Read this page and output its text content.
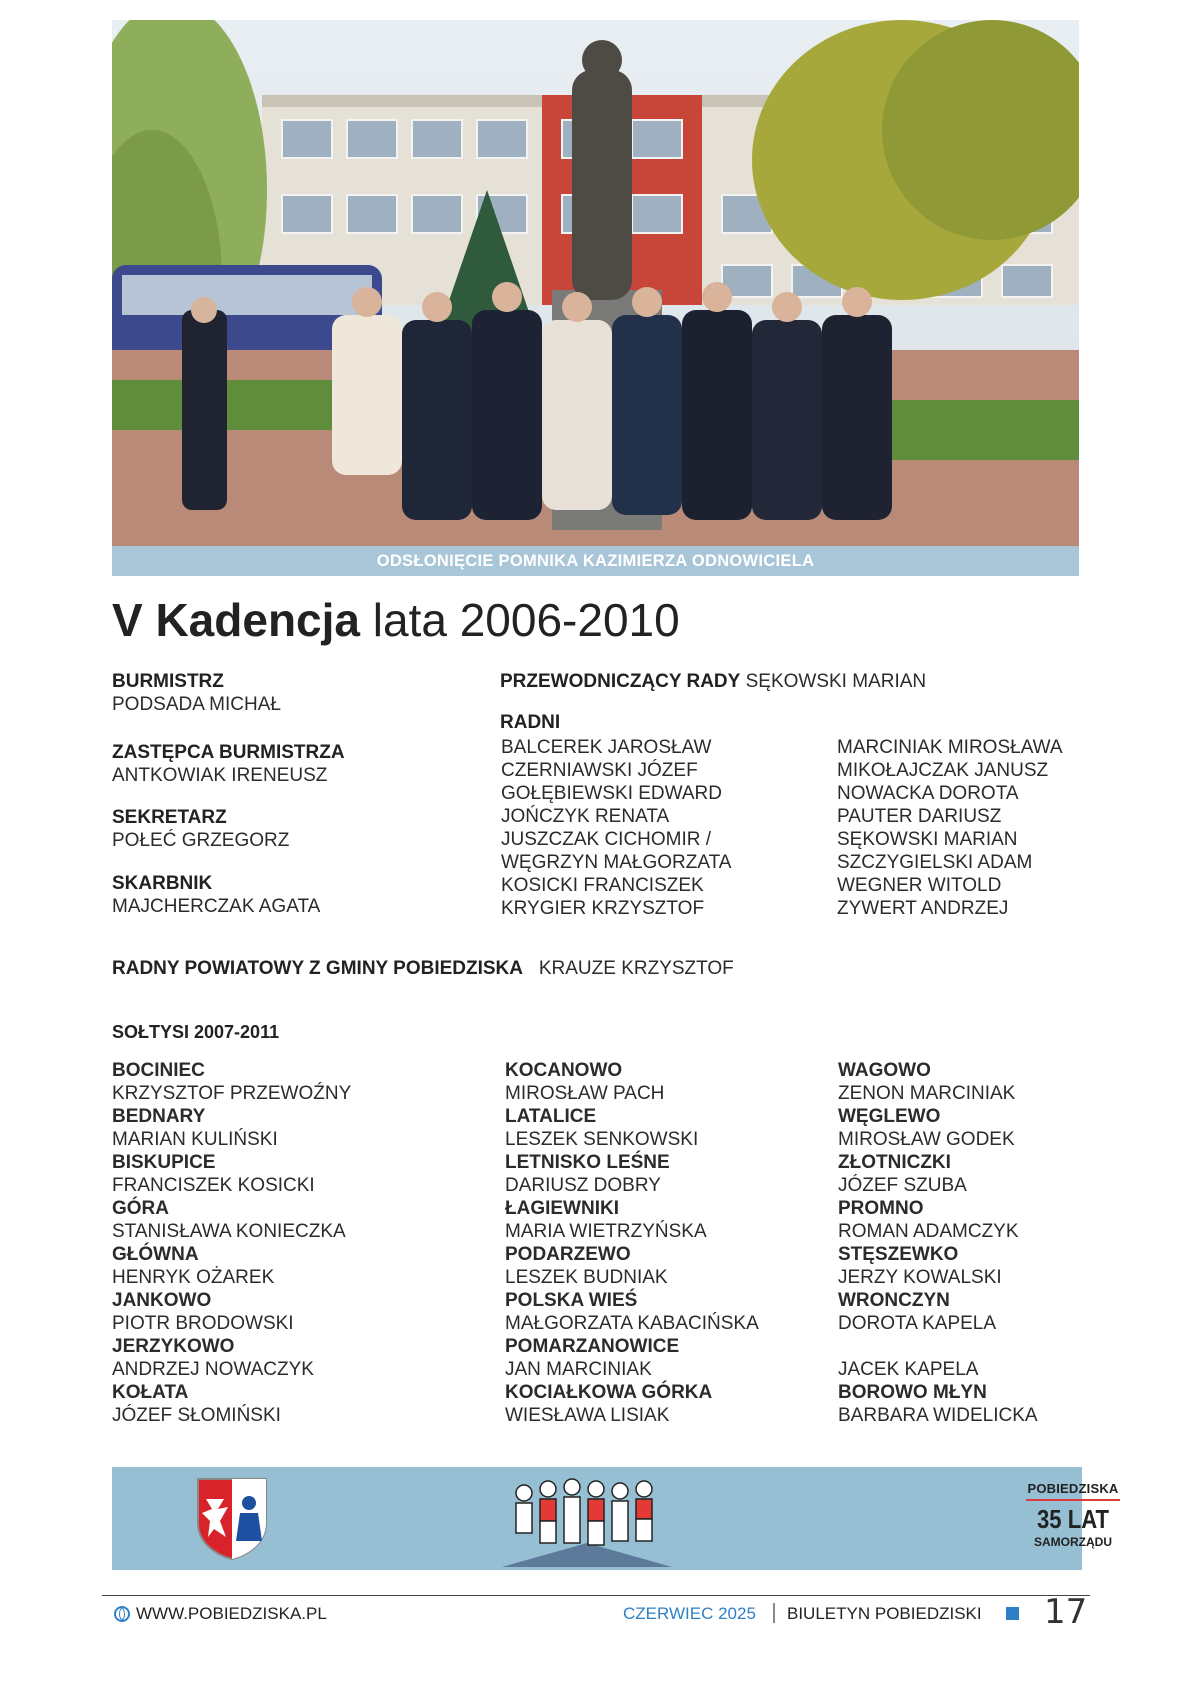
ODSŁONIĘCIE POMNIKA KAZIMIERZA ODNOWICIELA
V Kadencja lata 2006-2010
BURMISTRZ
PODSADA MICHAŁ
ZASTĘPCA BURMISTRZA
ANTKOWIAK IRENEUSZ
SEKRETARZ
POŁEĆ GRZEGORZ
SKARBNIK
MAJCHERCZAK AGATA
PRZEWODNICZĄCY RADY SĘKOWSKI MARIAN
RADNI
BALCEREK JAROSŁAW
CZERNIAWSKI JÓZEF
GOŁĘBIEWSKI EDWARD
JOŃCZYK RENATA
JUSZCZAK CICHOMIR /
WĘGRZYN MAŁGORZATA
KOSICKI FRANCISZEK
KRYGIER KRZYSZTOF
MARCINIAK MIROSŁAWA
MIKOŁAJCZAK JANUSZ
NOWACKA DOROTA
PAUTER DARIUSZ
SĘKOWSKI MARIAN
SZCZYGIELSKI ADAM
WEGNER WITOLD
ZYWERT ANDRZEJ
RADNY POWIATOWY Z GMINY POBIEDZISKA KRAUZE KRZYSZTOF
SOŁTYSI 2007-2011
BOCINIEC
KRZYSZTOF PRZEWOŹNY
BEDNARY
MARIAN KULIŃSKI
BISKUPICE
FRANCISZEK KOSICKI
GÓRA
STANISŁAWA KONIECZKA
GŁÓWNA
HENRYK OŻAREK
JANKOWO
PIOTR BRODOWSKI
JERZYKOWO
ANDRZEJ NOWACZYK
KOŁATA
JÓZEF SŁOMIŃSKI
KOCANOWO
MIROSŁAW PACH
LATALICE
LESZEK SENKOWSKI
LETNISKO LEŚNE
DARIUSZ DOBRY
ŁAGIEWNIKI
MARIA WIETRZYŃSKA
PODARZEWO
LESZEK BUDNIAK
POLSKA WIEŚ
MAŁGORZATA KABACIŃSKA
POMARZANOWICE
JAN MARCINIAK
KOCIAŁKOWA GÓRKA
WIESŁAWA LISIAK
WAGOWO
ZENON MARCINIAK
WĘGLEWO
MIROSŁAW GODEK
ZŁOTNICZKI
JÓZEF SZUBA
PROMNO
ROMAN ADAMCZYK
STĘSZEWKO
JERZY KOWALSKI
WRONCZYN
DOROTA KAPELA
JACEK KAPELA
BOROWO MŁYN
BARBARA WIDELICKA
POBIEDZISKA
35 LAT
SAMORZĄDU
WWW.POBIEDZISKA.PL	CZERWIEC 2025 BIULETYN POBIEDZISKI 17
